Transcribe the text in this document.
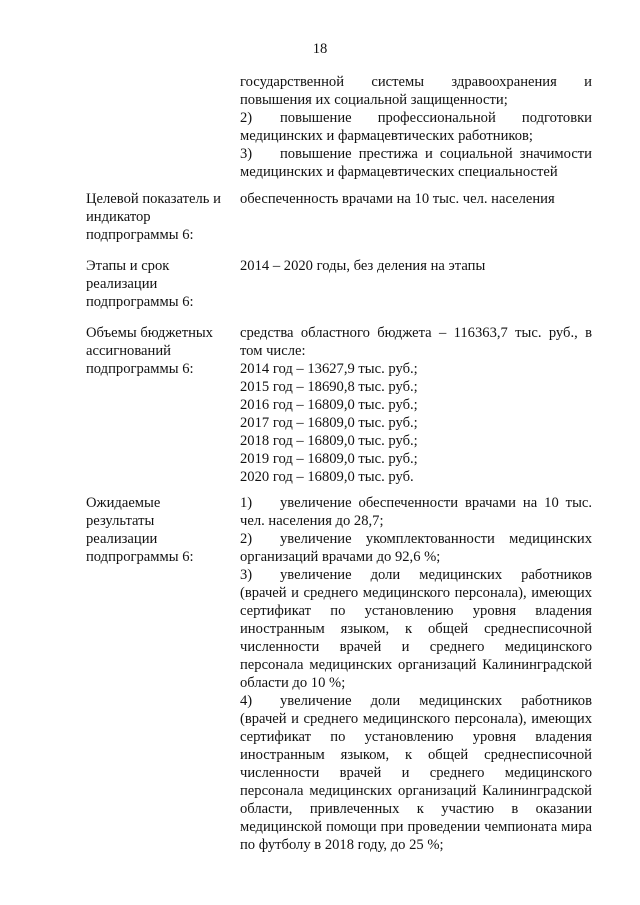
18
государственной системы здравоохранения и повышения их социальной защищенности;
2) повышение профессиональной подготовки медицинских и фармацевтических работников;
3) повышение престижа и социальной значимости медицинских и фармацевтических специальностей
Целевой показатель и индикатор подпрограммы 6:
обеспеченность врачами на 10 тыс. чел. населения
Этапы и срок реализации подпрограммы 6:
2014 – 2020 годы, без деления на этапы
Объемы бюджетных ассигнований подпрограммы 6:
средства областного бюджета – 116363,7 тыс. руб., в том числе:
2014 год – 13627,9 тыс. руб.;
2015 год – 18690,8 тыс. руб.;
2016 год – 16809,0 тыс. руб.;
2017 год – 16809,0 тыс. руб.;
2018 год – 16809,0 тыс. руб.;
2019 год – 16809,0 тыс. руб.;
2020 год – 16809,0 тыс. руб.
Ожидаемые результаты реализации подпрограммы 6:
1) увеличение обеспеченности врачами на 10 тыс. чел. населения до 28,7;
2) увеличение укомплектованности медицинских организаций врачами до 92,6 %;
3) увеличение доли медицинских работников (врачей и среднего медицинского персонала), имеющих сертификат по установлению уровня владения иностранным языком, к общей среднесписочной численности врачей и среднего медицинского персонала медицинских организаций Калининградской области до 10 %;
4) увеличение доли медицинских работников (врачей и среднего медицинского персонала), имеющих сертификат по установлению уровня владения иностранным языком, к общей среднесписочной численности врачей и среднего медицинского персонала медицинских организаций Калининградской области, привлеченных к участию в оказании медицинской помощи при проведении чемпионата мира по футболу в 2018 году, до 25 %;
